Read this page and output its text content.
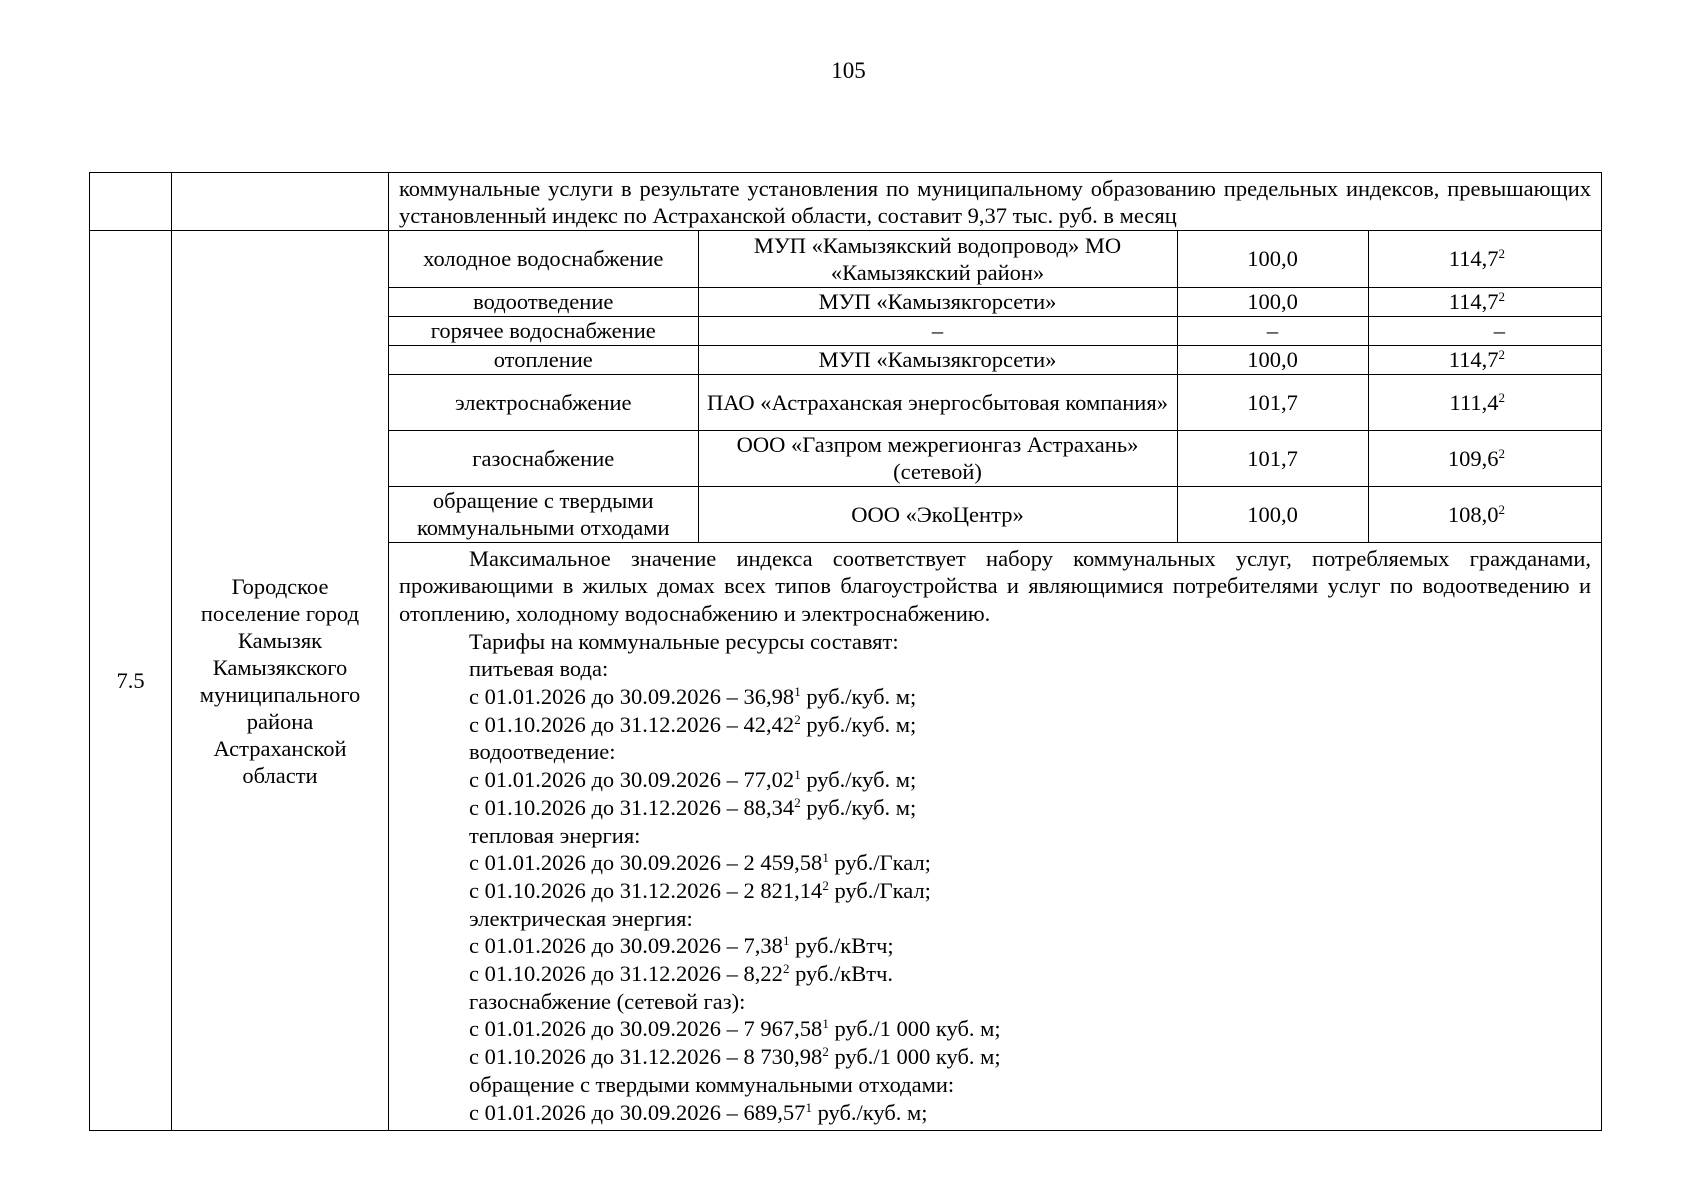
105
		коммунальные услуги в результате установления по муниципальному образованию предельных индексов, превышающих установленный индекс по Астраханской области, составит 9,37 тыс. руб. в месяц
7.5	Городское поселение город Камызяк Камызякского муниципального района Астраханской области	
холодное водоснабжение	МУП «Камызякский водопровод» МО «Камызякский район»	100,0	114,7$^2$
водоотведение	МУП «Камызякгорсети»	100,0	114,7$^2$
горячее водоснабжение	–	–	–
отопление	МУП «Камызякгорсети»	100,0	114,7$^2$
электроснабжение	ПАО «Астраханская энергосбытовая компания»	101,7	111,4$^2$
газоснабжение	ООО «Газпром межрегионгаз Астрахань» (сетевой)	101,7	109,6$^2$
обращение с твердыми коммунальными отходами	ООО «ЭкоЦентр»	100,0	108,0$^2$

Максимальное значение индекса соответствует набору коммунальных услуг, потребляемых гражданами, проживающими в жилых домах всех типов благоустройства и являющимися потребителями услуг по водоотведению и отоплению, холодному водоснабжению и электроснабжению.

Тарифы на коммунальные ресурсы составят:

питьевая вода:

с 01.01.2026 до 30.09.2026 – 36,98$^1$ руб./куб. м;

с 01.10.2026 до 31.12.2026 – 42,42$^2$ руб./куб. м;

водоотведение:

с 01.01.2026 до 30.09.2026 – 77,02$^1$ руб./куб. м;

с 01.10.2026 до 31.12.2026 – 88,34$^2$ руб./куб. м;

тепловая энергия:

с 01.01.2026 до 30.09.2026 – 2 459,58$^1$ руб./Гкал;

с 01.10.2026 до 31.12.2026 – 2 821,14$^2$ руб./Гкал;

электрическая энергия:

с 01.01.2026 до 30.09.2026 – 7,38$^1$ руб./кВтч;

с 01.10.2026 до 31.12.2026 – 8,22$^2$ руб./кВтч.

газоснабжение (сетевой газ):

с 01.01.2026 до 30.09.2026 – 7 967,58$^1$ руб./1 000 куб. м;

с 01.10.2026 до 31.12.2026 – 8 730,98$^2$ руб./1 000 куб. м;

обращение с твердыми коммунальными отходами:

с 01.01.2026 до 30.09.2026 – 689,57$^1$ руб./куб. м;
